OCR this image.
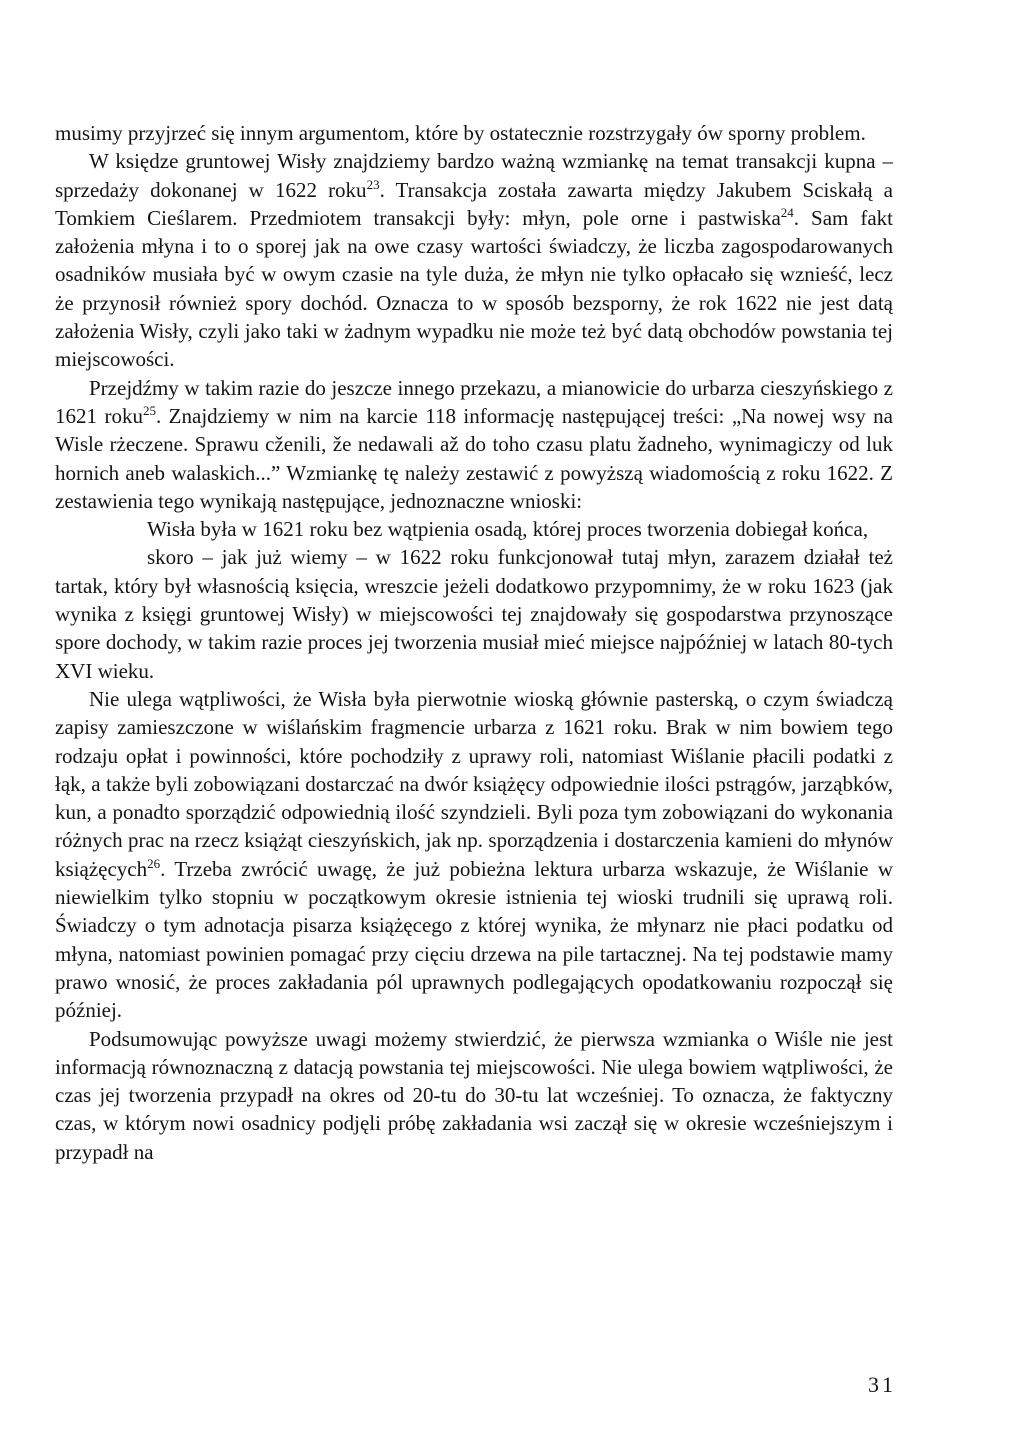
musimy przyjrzeć się innym argumentom, które by ostatecznie rozstrzygały ów sporny problem.

W księdze gruntowej Wisły znajdziemy bardzo ważną wzmiankę na temat transakcji kupna – sprzedaży dokonanej w 1622 roku$^{23}$. Transakcja została zawarta między Jakubem Sciskałą a Tomkiem Cieślarem. Przedmiotem transakcji były: młyn, pole orne i pastwiska$^{24}$. Sam fakt założenia młyna i to o sporej jak na owe czasy wartości świadczy, że liczba zagospodarowanych osadników musiała być w owym czasie na tyle duża, że młyn nie tylko opłacało się wznieść, lecz że przynosił również spory dochód. Oznacza to w sposób bezsporny, że rok 1622 nie jest datą założenia Wisły, czyli jako taki w żadnym wypadku nie może też być datą obchodów powstania tej miejscowości.

Przejdźmy w takim razie do jeszcze innego przekazu, a mianowicie do urbarza cieszyńskiego z 1621 roku$^{25}$. Znajdziemy w nim na karcie 118 informację następującej treści: „Na nowej wsy na Wisle rżeczene. Sprawu cženili, že nedawali až do toho czasu platu žadneho, wynimagiczy od luk hornich aneb walaskich...” Wzmiankę tę należy zestawić z powyższą wiadomością z roku 1622. Z zestawienia tego wynikają następujące, jednoznaczne wnioski:

Wisła była w 1621 roku bez wątpienia osadą, której proces tworzenia dobiegał końca,

skoro – jak już wiemy – w 1622 roku funkcjonował tutaj młyn, zarazem działał też tartak, który był własnością księcia, wreszcie jeżeli dodatkowo przypomnimy, że w roku 1623 (jak wynika z księgi gruntowej Wisły) w miejscowości tej znajdowały się gospodarstwa przynoszące spore dochody, w takim razie proces jej tworzenia musiał mieć miejsce najpóźniej w latach 80-tych XVI wieku.

Nie ulega wątpliwości, że Wisła była pierwotnie wioską głównie pasterską, o czym świadczą zapisy zamieszczone w wiślańskim fragmencie urbarza z 1621 roku. Brak w nim bowiem tego rodzaju opłat i powinności, które pochodziły z uprawy roli, natomiast Wiślanie płacili podatki z łąk, a także byli zobowiązani dostarczać na dwór książęcy odpowiednie ilości pstrągów, jarząbków, kun, a ponadto sporządzić odpowiednią ilość szyndzieli. Byli poza tym zobowiązani do wykonania różnych prac na rzecz książąt cieszyńskich, jak np. sporządzenia i dostarczenia kamieni do młynów książęcych$^{26}$. Trzeba zwrócić uwagę, że już pobieżna lektura urbarza wskazuje, że Wiślanie w niewielkim tylko stopniu w początkowym okresie istnienia tej wioski trudnili się uprawą roli. Świadczy o tym adnotacja pisarza książęcego z której wynika, że młynarz nie płaci podatku od młyna, natomiast powinien pomagać przy cięciu drzewa na pile tartacznej. Na tej podstawie mamy prawo wnosić, że proces zakładania pól uprawnych podlegających opodatkowaniu rozpoczął się później.

Podsumowując powyższe uwagi możemy stwierdzić, że pierwsza wzmianka o Wiśle nie jest informacją równoznaczną z datacją powstania tej miejscowości. Nie ulega bowiem wątpliwości, że czas jej tworzenia przypadł na okres od 20-tu do 30-tu lat wcześniej. To oznacza, że faktyczny czas, w którym nowi osadnicy podjęli próbę zakładania wsi zaczął się w okresie wcześniejszym i przypadł na

31
